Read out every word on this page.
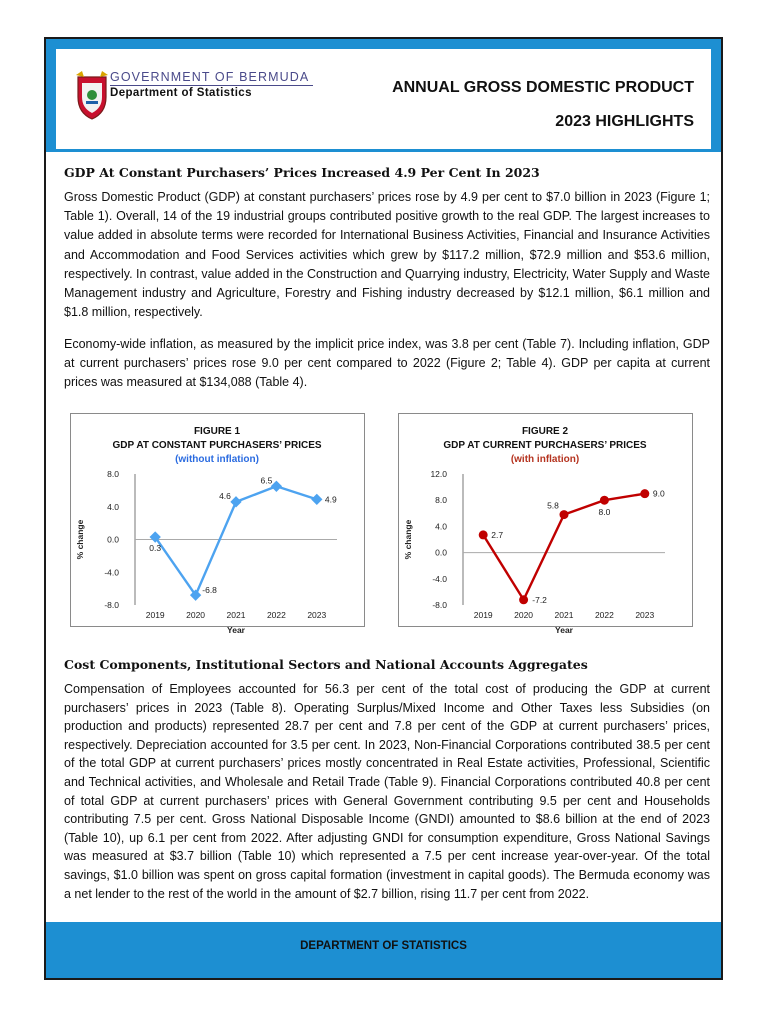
GOVERNMENT OF BERMUDA
Department of Statistics	ANNUAL GROSS DOMESTIC PRODUCT
2023 HIGHLIGHTS
GDP At Constant Purchasers’ Prices Increased 4.9 Per Cent In 2023

Gross Domestic Product (GDP) at constant purchasers’ prices rose by 4.9 per cent to $7.0 billion in 2023 (Figure 1; Table 1). Overall, 14 of the 19 industrial groups contributed positive growth to the real GDP. The largest increases to value added in absolute terms were recorded for International Business Activities, Financial and Insurance Activities and Accommodation and Food Services activities which grew by $117.2 million, $72.9 million and $53.6 million, respectively. In contrast, value added in the Construction and Quarrying industry, Electricity, Water Supply and Waste Management industry and Agriculture, Forestry and Fishing industry decreased by $12.1 million, $6.1 million and $1.8 million, respectively.

Economy-wide inflation, as measured by the implicit price index, was 3.8 per cent (Table 7). Including inflation, GDP at current purchasers’ prices rose 9.0 per cent compared to 2022 (Figure 2; Table 4). GDP per capita at current prices was measured at $134,088 (Table 4).

FIGURE 1
GDP AT CONSTANT PURCHASERS’ PRICES
(without inflation)
8.0
4.0
0.0
-4.0
-8.0
% change
2019	2020	2021	2022	2023
Year
0.3
-6.8
4.6
6.5
4.9
FIGURE 2
GDP AT CURRENT PURCHASERS’ PRICES
(with inflation)
12.0
8.0
4.0
0.0
-4.0
-8.0
% change
2019	2020	2021	2022	2023
Year
2.7
-7.2
5.8
8.0
9.0
Cost Components, Institutional Sectors and National Accounts Aggregates

Compensation of Employees accounted for 56.3 per cent of the total cost of producing the GDP at current purchasers’ prices in 2023 (Table 8). Operating Surplus/Mixed Income and Other Taxes less Subsidies (on production and products) represented 28.7 per cent and 7.8 per cent of the GDP at current purchasers’ prices, respectively. Depreciation accounted for 3.5 per cent. In 2023, Non-Financial Corporations contributed 38.5 per cent of the total GDP at current purchasers’ prices mostly concentrated in Real Estate activities, Professional, Scientific and Technical activities, and Wholesale and Retail Trade (Table 9). Financial Corporations contributed 40.8 per cent of total GDP at current purchasers’ prices with General Government contributing 9.5 per cent and Households contributing 7.5 per cent. Gross National Disposable Income (GNDI) amounted to $8.6 billion at the end of 2023 (Table 10), up 6.1 per cent from 2022. After adjusting GNDI for consumption expenditure, Gross National Savings was measured at $3.7 billion (Table 10) which represented a 7.5 per cent increase year-over-year. Of the total savings, $1.0 billion was spent on gross capital formation (investment in capital goods). The Bermuda economy was a net lender to the rest of the world in the amount of $2.7 billion, rising 11.7 per cent from 2022.

DEPARTMENT OF STATISTICS
